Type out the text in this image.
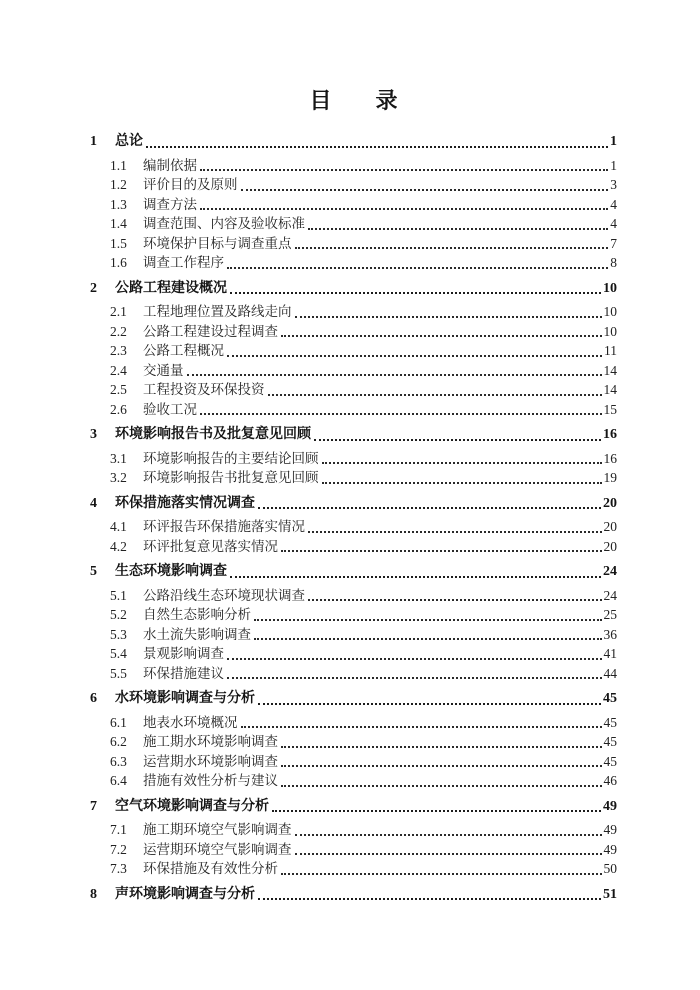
目　　录
1	总论	1
1.1	编制依据	1
1.2	评价目的及原则	3
1.3	调查方法	4
1.4	调查范围、内容及验收标准	4
1.5	环境保护目标与调查重点	7
1.6	调查工作程序	8
2	公路工程建设概况	10
2.1	工程地理位置及路线走向	10
2.2	公路工程建设过程调查	10
2.3	公路工程概况	11
2.4	交通量	14
2.5	工程投资及环保投资	14
2.6	验收工况	15
3	环境影响报告书及批复意见回顾	16
3.1	环境影响报告的主要结论回顾	16
3.2	环境影响报告书批复意见回顾	19
4	环保措施落实情况调查	20
4.1	环评报告环保措施落实情况	20
4.2	环评批复意见落实情况	20
5	生态环境影响调查	24
5.1	公路沿线生态环境现状调查	24
5.2	自然生态影响分析	25
5.3	水土流失影响调查	36
5.4	景观影响调查	41
5.5	环保措施建议	44
6	水环境影响调查与分析	45
6.1	地表水环境概况	45
6.2	施工期水环境影响调查	45
6.3	运营期水环境影响调查	45
6.4	措施有效性分析与建议	46
7	空气环境影响调查与分析	49
7.1	施工期环境空气影响调查	49
7.2	运营期环境空气影响调查	49
7.3	环保措施及有效性分析	50
8	声环境影响调查与分析	51
